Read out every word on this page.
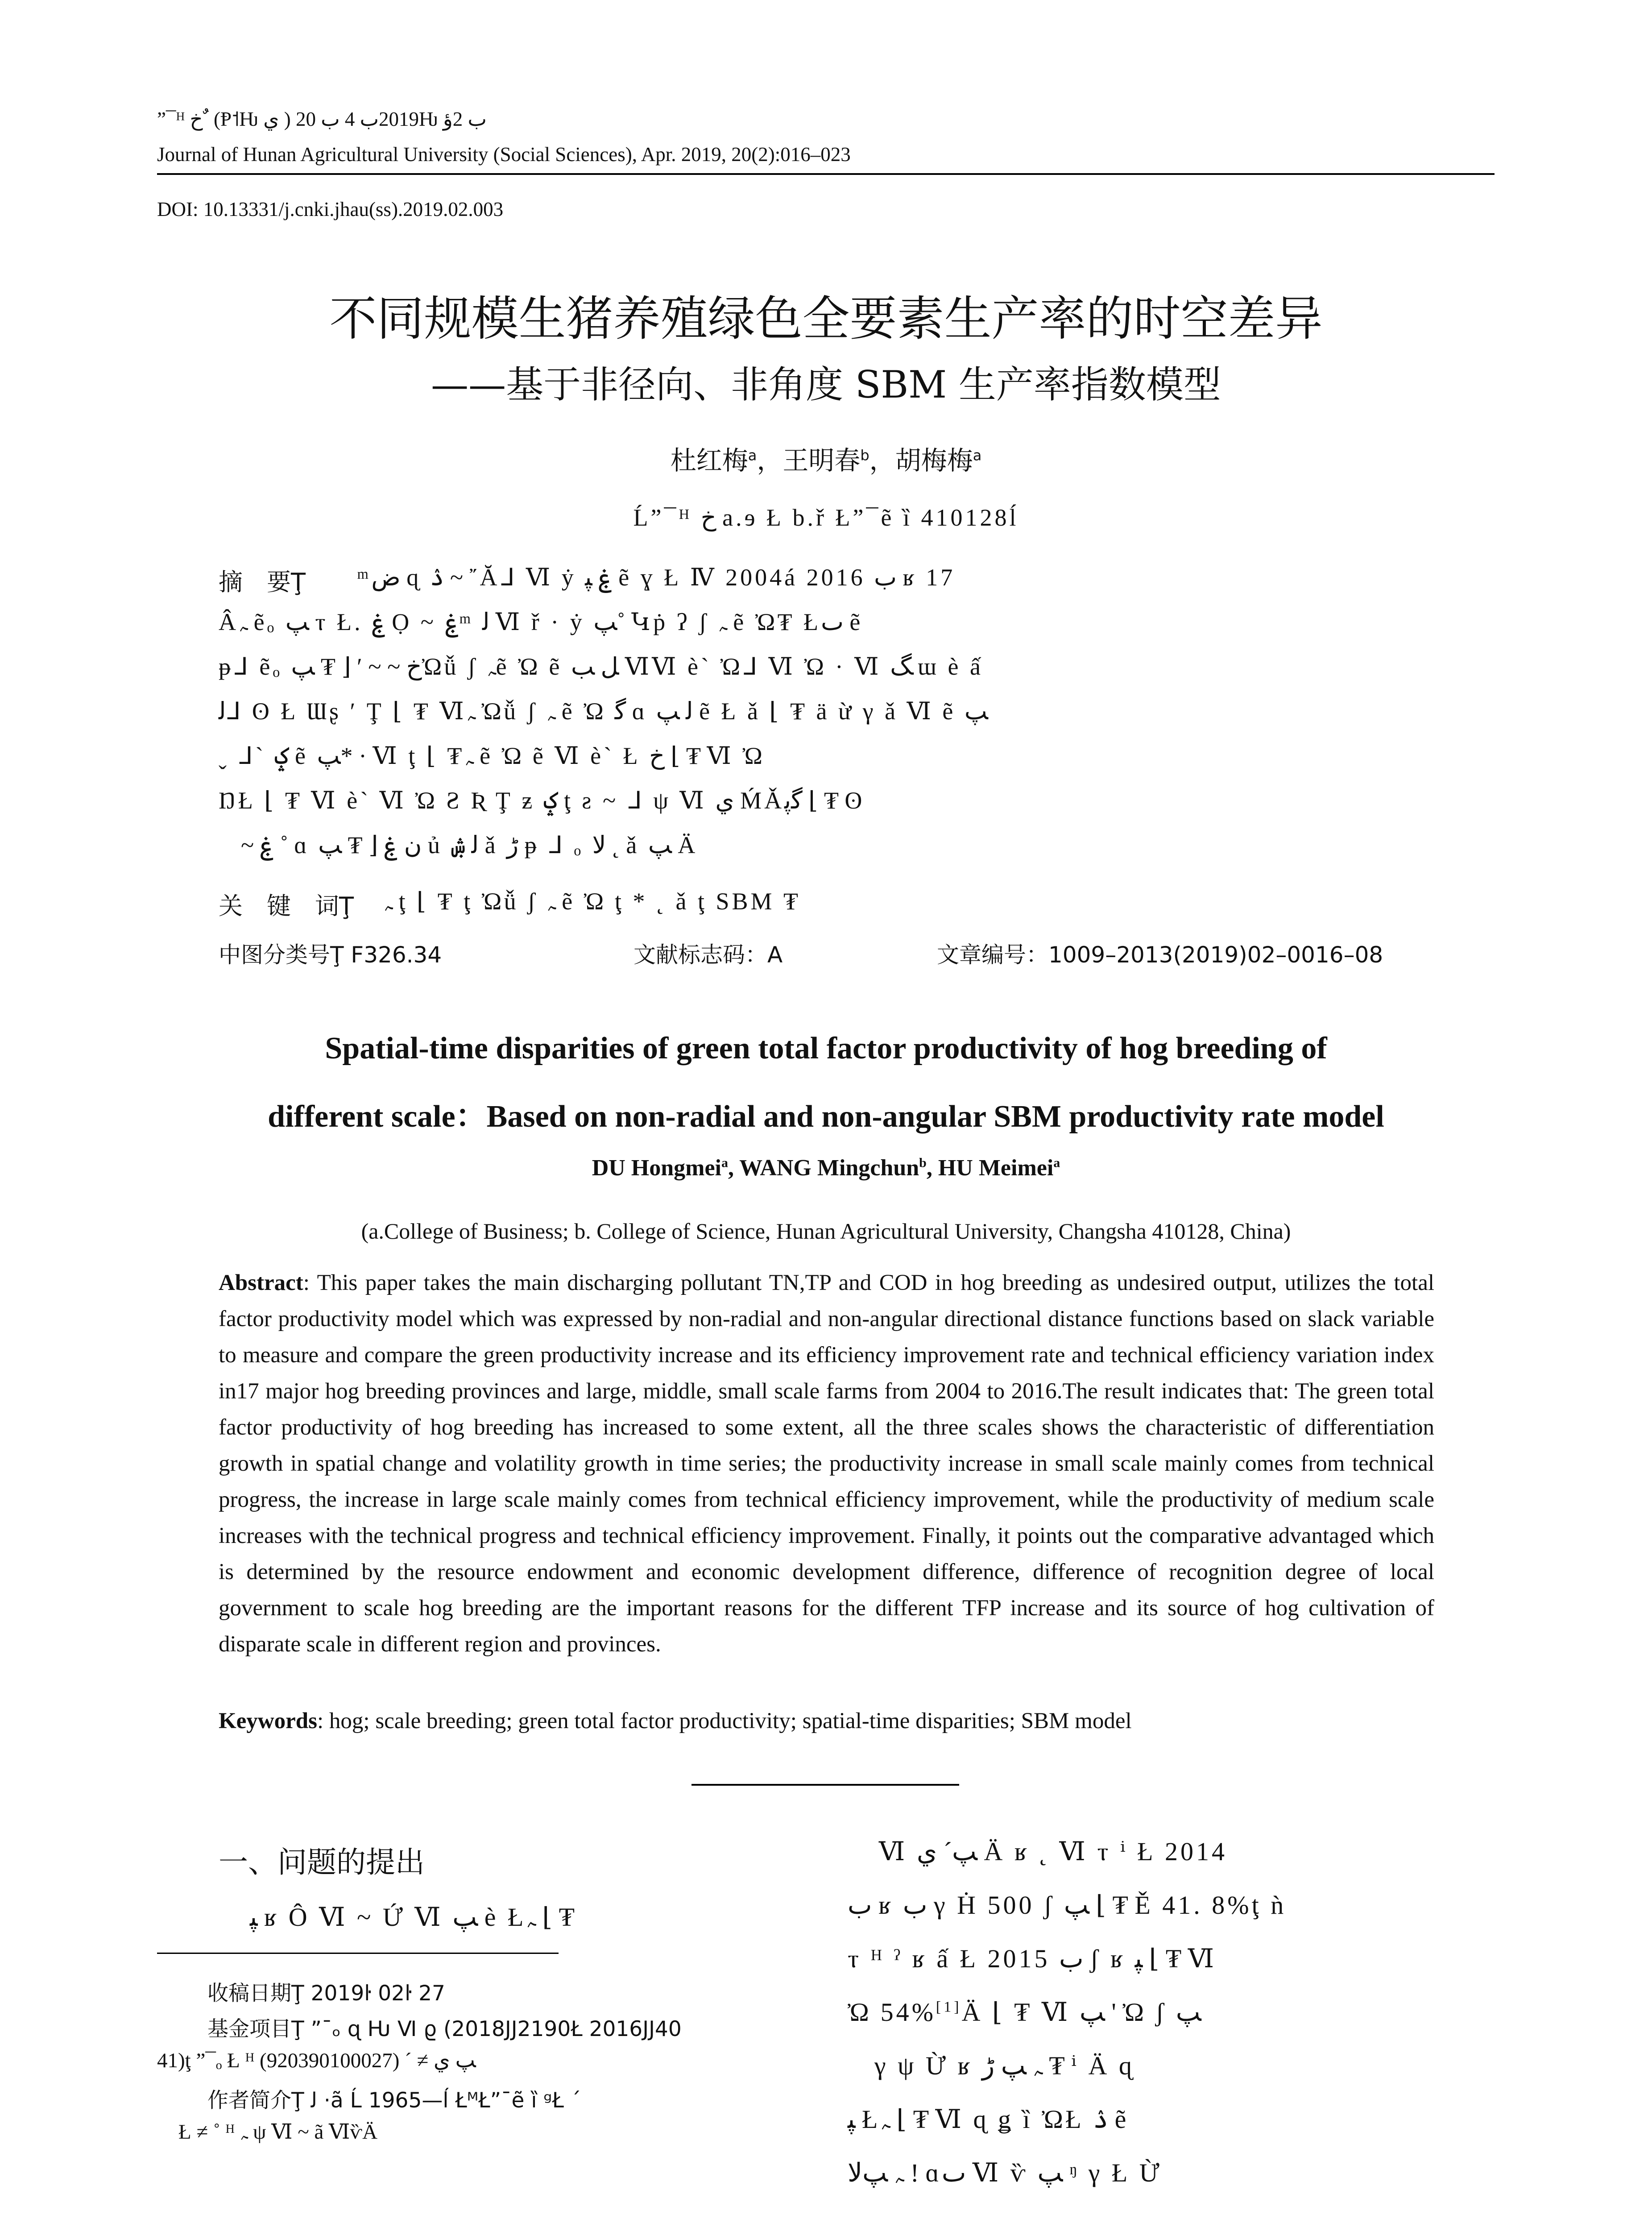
”¯ᴴ خ ٌ (Ᵽ˦Ƕ ي ) 2019ب 4 ب 20Ƕ ب 2ؤ
Journal of Hunan Agricultural University (Social Sciences), Apr. 2019, 20(2):016–023
DOI: 10.13331/j.cnki.jhau(ss).2019.02.003
不同规模生猪养殖绿色全要素生产率的时空差异
——基于非径向、非角度 SBM 生产率指数模型
杜红梅$^a$，王明春$^b$，胡梅梅$^a$
Ĺ”¯ᴴ خ a.ɘ Ł b.ř Ł”¯ẽ ȉ 410128ĺ
摘　要Ţ ᵐﺽ ɋ ۮ ~ ῎Ăᒧ Ⅵ ẏ ۼ ﭙ ẽ ɣ Ł Ⅳ 2004á 2016 ب ʁ 17
Âﮧ ẽₒ ﭗ ⲧ Ł. ۼ Ọ ~ ۼᵐ ﻟ Ⅵ ř · ẏ ﭗ˚ Կṗ ʔ ʃ ﮧ ẽ Ὠ₮ Łٮ ẽ
ᵽᒧ ẽₒ خ ~ ~ ′ ⌊ ₮ ﭗὨǚ ʃ ﮧẽ Ὠ ẽ ﻞ ﺐ ⅥⅥ ѐ` Ὠᒧ Ⅵ Ὠ · Ⅵ ﮓ ɯ ѐ ấ
ﻟᒧ ʘ Ł Ɯʂ ′ Ţ ⌊ ₮ Ⅵﮧ Ὠǚ ʃ ﮧ ẽ Ὠ ﮔ ɑ ﻟ ﭗ ẽ Ł ǎ ⌊ ₮ ä ừ γ ǎ Ⅵ ẽ ﭗ
ˬ ᒧ` ݤ ẽ ﭗ* · Ⅵ ţ ⌊ ₮ﮧ ẽ Ὠ ẽ Ⅵ ѐ` Ł خ ⌊ ₮ Ⅵ Ὠ
ŊŁ ⌊ ₮ Ⅵ ѐ` Ⅵ Ὠ Ƨ Ʀ Ţ ƶ ݤ ţ ƨ ~ ᒧ ψ Ⅵ ي ḾǍﮔﭘ ⌊ ₮ ʘ
~ ۼ ˚ ɑ ﻥ ۼ ⌊ ₮ ﭗ ủ ﻟ ۺ ǎ ڑ ᵽ ᒧ ₒ ﻻ ˛ ǎ ﭗ Ä
关　键　词Ţ ﮧ ţ ⌊ ₮ ţ Ὠǚ ʃ ﮧ ẽ Ὠ ţ * ˛ ǎ ţ SBM ₮
中图分类号Ţ F326.34	文献标志码：A	文章编号：1009–2013(2019)02–0016–08
Spatial-time disparities of green total factor productivity of hog breeding of
different scale：Based on non-radial and non-angular SBM productivity rate model
DU Hongmei$^a$, WANG Mingchun$^b$, HU Meimei$^a$
(a.College of Business; b. College of Science, Hunan Agricultural University, Changsha 410128, China)
Abstract: This paper takes the main discharging pollutant TN,TP and COD in hog breeding as undesired output, utilizes the total factor productivity model which was expressed by non-radial and non-angular directional distance functions based on slack variable to measure and compare the green productivity increase and its efficiency improvement rate and technical efficiency variation index in17 major hog breeding provinces and large, middle, small scale farms from 2004 to 2016.The result indicates that: The green total factor productivity of hog breeding has increased to some extent, all the three scales shows the characteristic of differentiation growth in spatial change and volatility growth in time series; the productivity increase in small scale mainly comes from technical progress, the increase in large scale mainly comes from technical efficiency improvement, while the productivity of medium scale increases with the technical progress and technical efficiency improvement. Finally, it points out the comparative advantaged which is determined by the resource endowment and economic development difference, difference of recognition degree of local government to scale hog breeding are the important reasons for the different TFP increase and its source of hog cultivation of disparate scale in different region and provinces.
Keywords: hog; scale breeding; green total factor productivity; spatial-time disparities; SBM model
一、问题的提出
ﭙ ʁ Ô Ⅵ ~ Ứ Ⅵ ﭗ ѐ Łﮧ ⌊ ₮
收稿日期Ţ 2019ŀ 02ŀ 27
基金项目Ţ ”¯ₒ ɋ Ƕ Ⅵ ϱ (2018JJ2190Ł 2016JJ40
41)ţ ”¯ₒ Ł ᴴ ﭗ ي ≠ ˊ (920390100027)
作者简介Ţ ﻟ ·ã Ĺ 1965—ĺ ŁᴹŁ”¯ẽ ȉ ᵍŁ ˊ
Ł ≠ ˚ ᴴ ﮧ ψ Ⅵ ~ ã ⅥѷÄ
Ⅵ ﭗˊ ي Ä ʁ ˛ Ⅵ ⲧ ⁱ Ł 2014
ب ʁ ب γ Ḣ 500 ʃ ﭗ ⌊ ₮ Ě 41. 8%ţ ǹ
ⲧ ᴴ ˀ ʁ ấ Ł 2015 ب ʃ ʁ ﭙ ⌊ ₮ Ⅵ
Ὠ 54%[1]Ä ⌊ ₮ Ⅵ ﭗ ' Ὠ ʃ ﭗ
γ ψ Ừ ʁ ﮧ ﭗ ڑ ₮ ⁱ Ä ɋ
ﭙ Łﮧ ⌊ ₮ Ⅵ ɋ ǥ ȉ ὨŁ ۮ ẽ
ﮧ ﭗﻻ ! ɑٮ Ⅵ ѷ ﭗ ᵑ γ Ł Ừ
